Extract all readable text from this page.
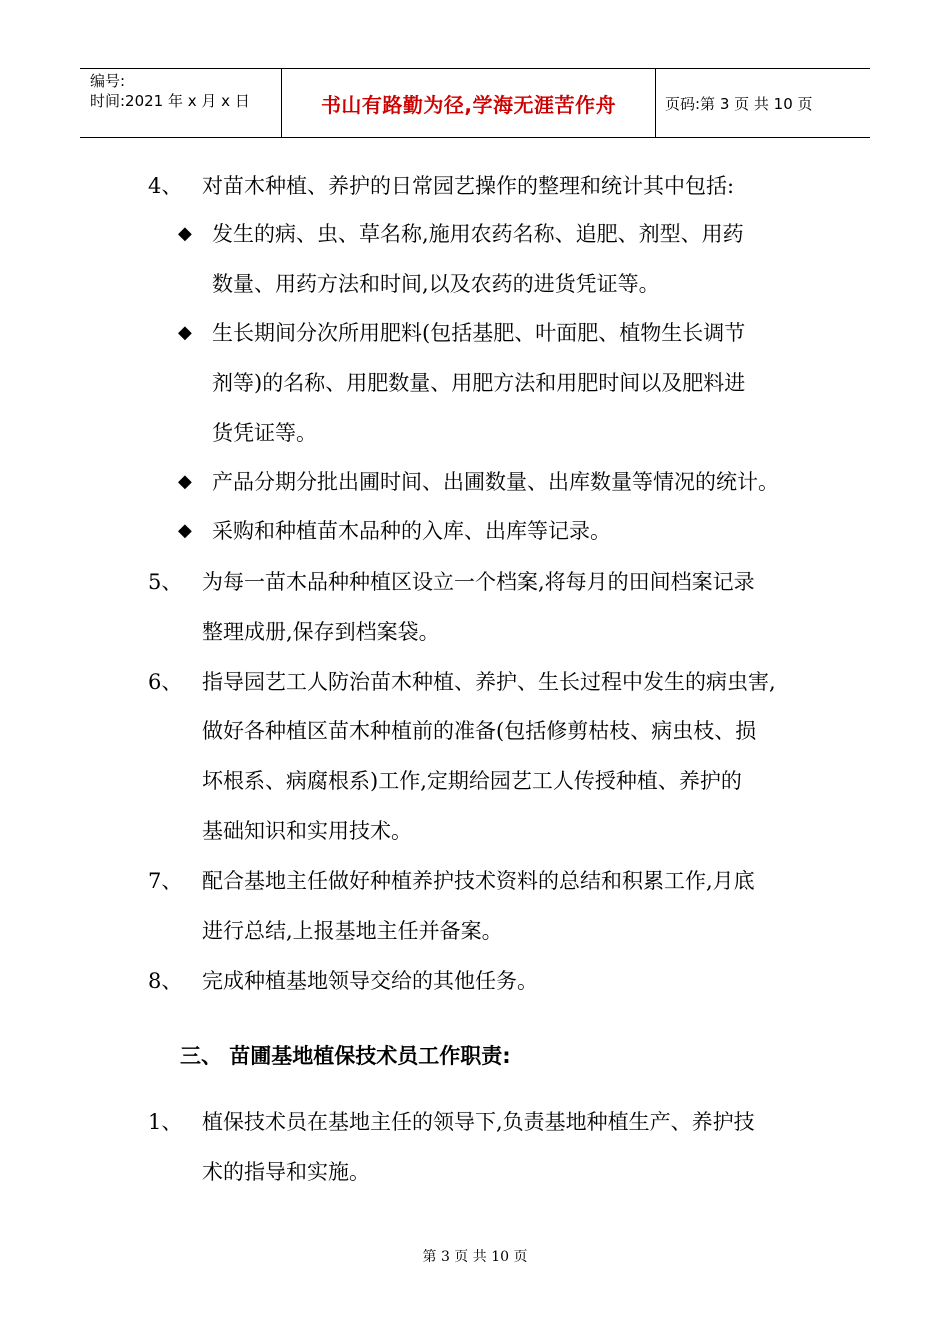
编号:
时间:2021 年 x 月 x 日	书山有路勤为径,学海无涯苦作舟	页码:第 3 页 共 10 页
4、 对苗木种植、养护的日常园艺操作的整理和统计其中包括:
◆ 发生的病、虫、草名称,施用农药名称、追肥、剂型、用药
数量、用药方法和时间,以及农药的进货凭证等。
◆ 生长期间分次所用肥料(包括基肥、叶面肥、植物生长调节
剂等)的名称、用肥数量、用肥方法和用肥时间以及肥料进
货凭证等。
◆ 产品分期分批出圃时间、出圃数量、出库数量等情况的统计。
◆ 采购和种植苗木品种的入库、出库等记录。
5、 为每一苗木品种种植区设立一个档案,将每月的田间档案记录
整理成册,保存到档案袋。
6、 指导园艺工人防治苗木种植、养护、生长过程中发生的病虫害,
做好各种植区苗木种植前的准备(包括修剪枯枝、病虫枝、损
坏根系、病腐根系)工作,定期给园艺工人传授种植、养护的
基础知识和实用技术。
7、 配合基地主任做好种植养护技术资料的总结和积累工作,月底
进行总结,上报基地主任并备案。
8、 完成种植基地领导交给的其他任务。
三、 苗圃基地植保技术员工作职责:
1、 植保技术员在基地主任的领导下,负责基地种植生产、养护技
术的指导和实施。
第 3 页 共 10 页
